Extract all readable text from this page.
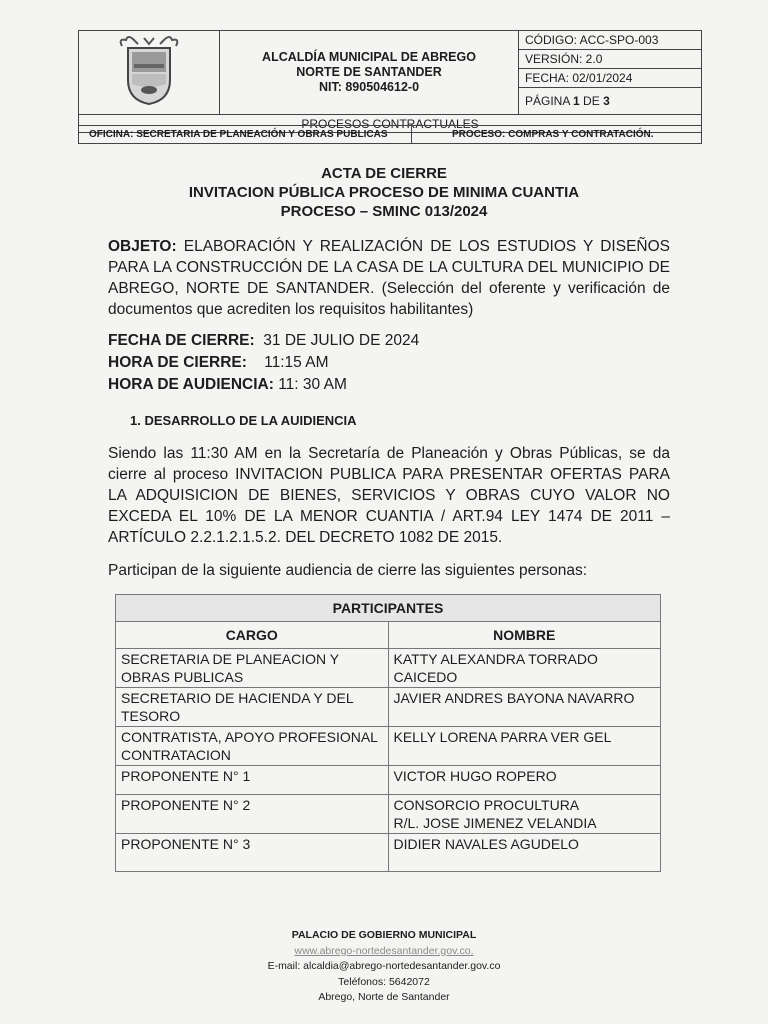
ALCALDÍA MUNICIPAL DE ABREGO
NORTE DE SANTANDER
NIT: 890504612-0

CÓDIGO: ACC-SPO-003
VERSIÓN: 2.0
FECHA: 02/01/2024
PÁGINA 1 DE 3

PROCESOS CONTRACTUALES
OFICINA: SECRETARIA DE PLANEACIÓN Y OBRAS PUBLICAS	PROCESO: COMPRAS Y CONTRATACIÓN.
ACTA DE CIERRE
INVITACION PÚBLICA PROCESO DE MINIMA CUANTIA
PROCESO – SMINC 013/2024
OBJETO: ELABORACIÓN Y REALIZACIÓN DE LOS ESTUDIOS Y DISEÑOS PARA LA CONSTRUCCIÓN DE LA CASA DE LA CULTURA DEL MUNICIPIO DE ABREGO, NORTE DE SANTANDER. (Selección del oferente y verificación de documentos que acrediten los requisitos habilitantes)
FECHA DE CIERRE:  31 DE JULIO DE 2024
HORA DE CIERRE:    11:15 AM
HORA DE AUDIENCIA: 11: 30 AM
1. DESARROLLO DE LA AUIDIENCIA
Siendo las 11:30 AM en la Secretaría de Planeación y Obras Públicas, se da cierre al proceso INVITACION PUBLICA PARA PRESENTAR OFERTAS PARA LA ADQUISICION DE BIENES, SERVICIOS Y OBRAS CUYO VALOR NO EXCEDA EL 10% DE LA MENOR CUANTIA / ART.94 LEY 1474 DE 2011 – ARTÍCULO 2.2.1.2.1.5.2. DEL DECRETO 1082 DE 2015.
Participan de la siguiente audiencia de cierre las siguientes personas:
PARTICIPANTES	
CARGO	NOMBRE
SECRETARIA DE PLANEACION Y OBRAS PUBLICAS	KATTY ALEXANDRA TORRADO CAICEDO
SECRETARIO DE HACIENDA Y DEL TESORO	JAVIER ANDRES BAYONA NAVARRO
CONTRATISTA, APOYO PROFESIONAL CONTRATACION	KELLY LORENA PARRA VER GEL
PROPONENTE N° 1	VICTOR HUGO ROPERO
PROPONENTE N° 2	CONSORCIO PROCULTURA
R/L. JOSE JIMENEZ VELANDIA
PROPONENTE N° 3	DIDIER NAVALES AGUDELO
PALACIO DE GOBIERNO MUNICIPAL
www.abrego-nortedesantander.gov.co.
E-mail: alcaldia@abrego-nortedesantander.gov.co
Teléfonos: 5642072
Abrego, Norte de Santander
